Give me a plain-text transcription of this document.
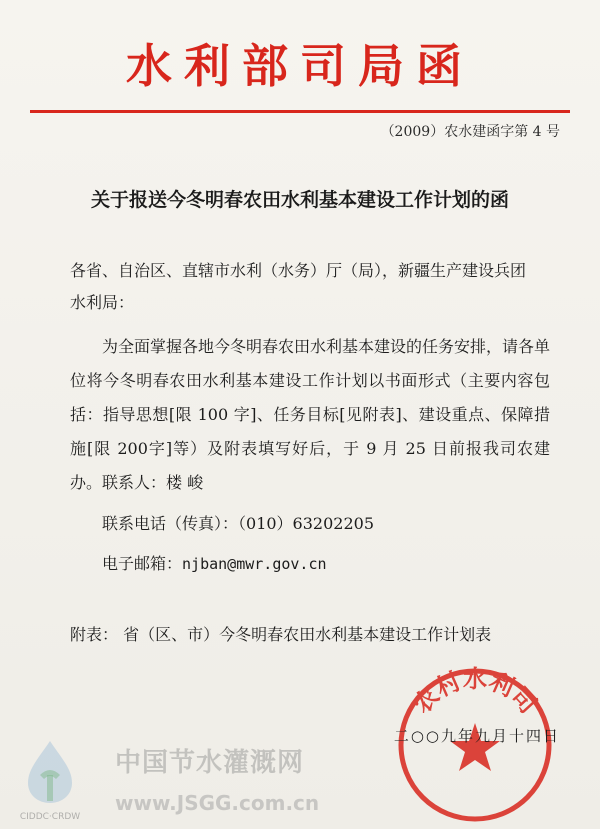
水利部司局函
（2009）农水建函字第 4 号
关于报送今冬明春农田水利基本建设工作计划的函
各省、自治区、直辖市水利（水务）厅（局），新疆生产建设兵团水利局：
为全面掌握各地今冬明春农田水利基本建设的任务安排，请各单位将今冬明春农田水利基本建设工作计划以书面形式（主要内容包括：指导思想[限 100 字]、任务目标[见附表]、建设重点、保障措施[限 200字]等）及附表填写好后，于 9 月 25 日前报我司农建办。 联系人：楼 峻
联系电话（传真）：（010）63202205
电子邮箱：njban@mwr.gov.cn
附表： 省（区、市）今冬明春农田水利基本建设工作计划表
农村水利司
二○○九年九月十四日
CIDDC·CRDW
中国节水灌溉网
www.JSGG.com.cn
